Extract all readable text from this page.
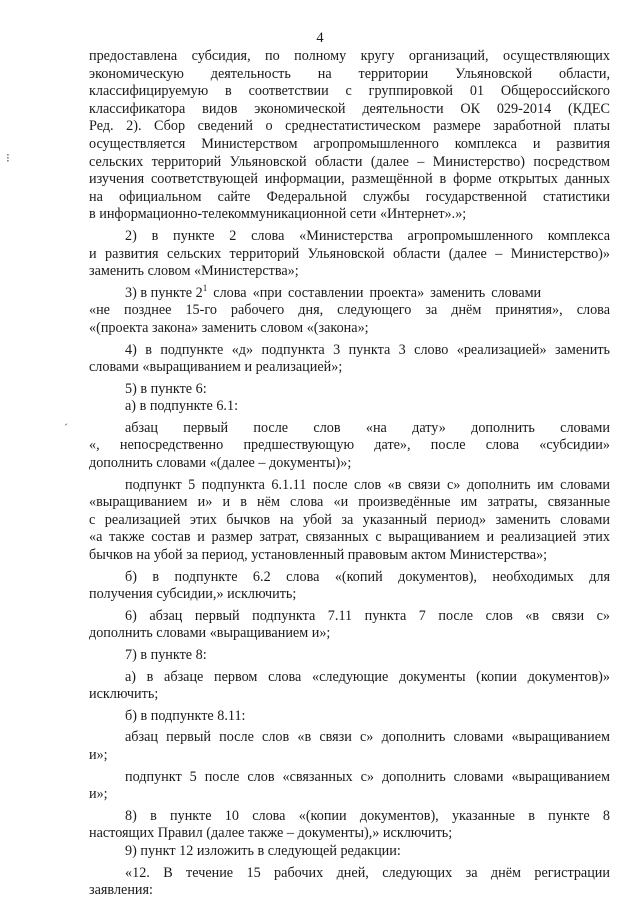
4
⁝
ˊ
предоставлена субсидия, по полному кругу организаций, осуществляющих
экономическую деятельность на территории Ульяновской области,
классифицируемую в соответствии с группировкой 01 Общероссийского
классификатора видов экономической деятельности ОК 029-2014 (КДЕС
Ред. 2). Сбор сведений о среднестатистическом размере заработной платы
осуществляется Министерством агропромышленного комплекса и развития
сельских территорий Ульяновской области (далее – Министерство) посредством
изучения соответствующей информации, размещённой в форме открытых данных
на официальном сайте Федеральной службы государственной статистики
в информационно-телекоммуникационной сети «Интернет».»;
2) в пункте 2 слова «Министерства агропромышленного комплекса
и развития сельских территорий Ульяновской области (далее – Министерство)»
заменить словом «Министерства»;
3) в пункте $2^1$ слова «при составлении проекта» заменить словами
«не позднее 15-го рабочего дня, следующего за днём принятия», слова
«(проекта закона» заменить словом «(закона»;
4) в подпункте «д» подпункта 3 пункта 3 слово «реализацией» заменить
словами «выращиванием и реализацией»;
5) в пункте 6:
а) в подпункте 6.1:
абзац первый после слов «на дату» дополнить словами
«, непосредственно предшествующую дате», после слова «субсидии»
дополнить словами «(далее – документы)»;
подпункт 5 подпункта 6.1.11 после слов «в связи с» дополнить им словами
«выращиванием и» и в нём слова «и произведённые им затраты, связанные
с реализацией этих бычков на убой за указанный период» заменить словами
«а также состав и размер затрат, связанных с выращиванием и реализацией этих
бычков на убой за период, установленный правовым актом Министерства»;
б) в подпункте 6.2 слова «(копий документов), необходимых для
получения субсидии,» исключить;
6) абзац первый подпункта 7.11 пункта 7 после слов «в связи с»
дополнить словами «выращиванием и»;
7) в пункте 8:
а) в абзаце первом слова «следующие документы (копии документов)»
исключить;
б) в подпункте 8.11:
абзац первый после слов «в связи с» дополнить словами «выращиванием
и»;
подпункт 5 после слов «связанных с» дополнить словами «выращиванием
и»;
8) в пункте 10 слова «(копии документов), указанные в пункте 8
настоящих Правил (далее также – документы),» исключить;
9) пункт 12 изложить в следующей редакции:
«12. В течение 15 рабочих дней, следующих за днём регистрации
заявления:
